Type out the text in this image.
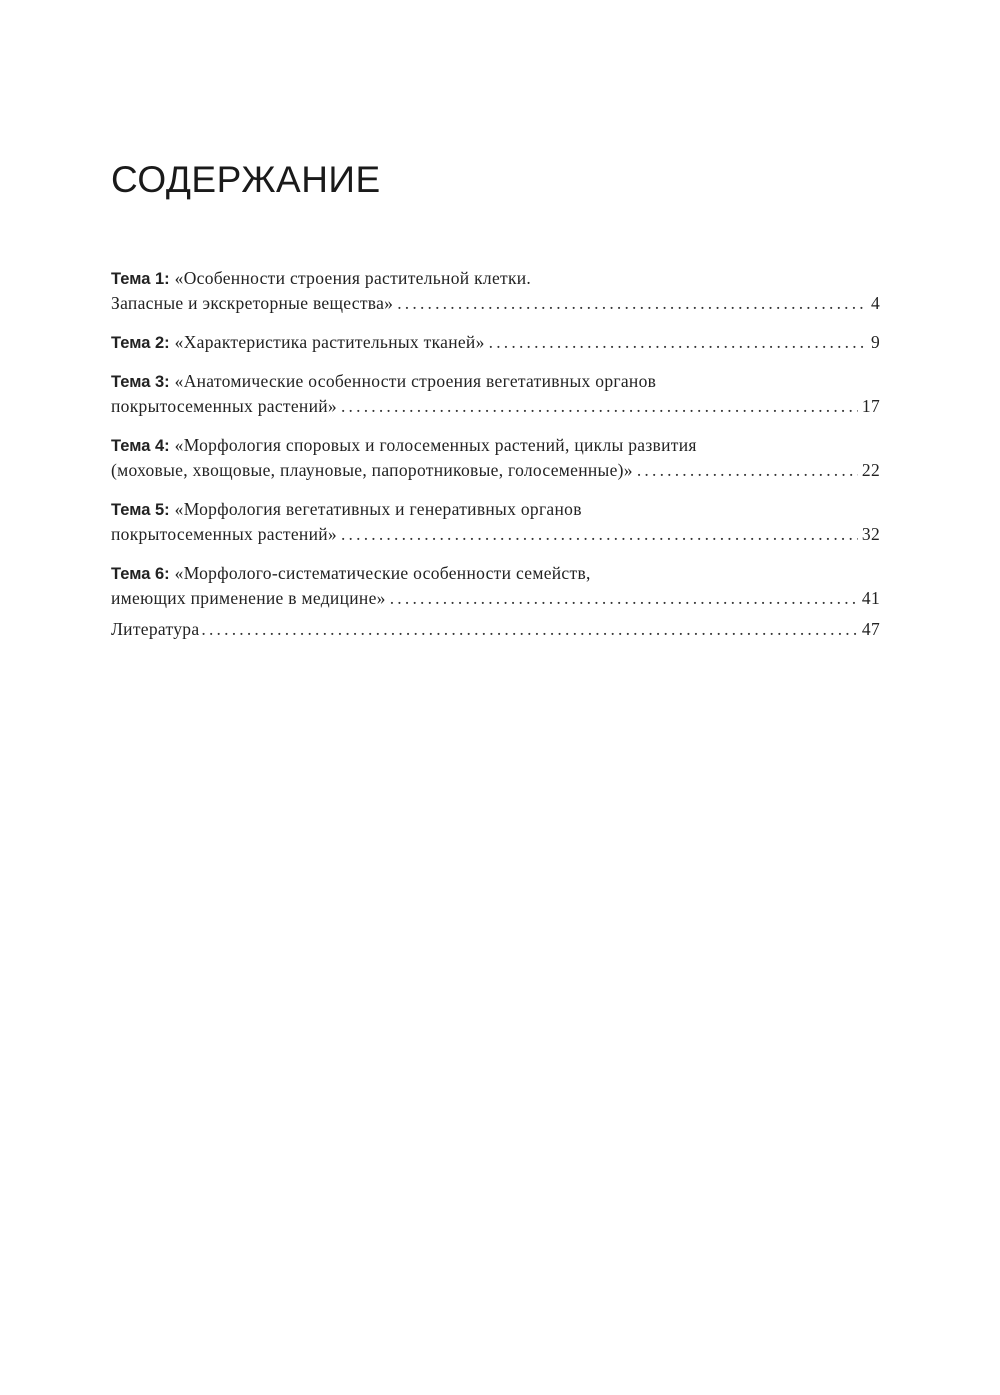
СОДЕРЖАНИЕ
Тема 1: «Особенности строения растительной клетки.
Запасные и экскреторные вещества» .....	4
Тема 2: «Характеристика растительных тканей» .....	9
Тема 3: «Анатомические особенности строения вегетативных органов
покрытосеменных растений» .....	17
Тема 4: «Морфология споровых и голосеменных растений, циклы развития
(моховые, хвощовые, плауновые, папоротниковые, голосеменные)» .....	22
Тема 5: «Морфология вегетативных и генеративных органов
покрытосеменных растений» .....	32
Тема 6: «Морфолого-систематические особенности семейств,
имеющих применение в медицине» .....	41
Литература .....	47
